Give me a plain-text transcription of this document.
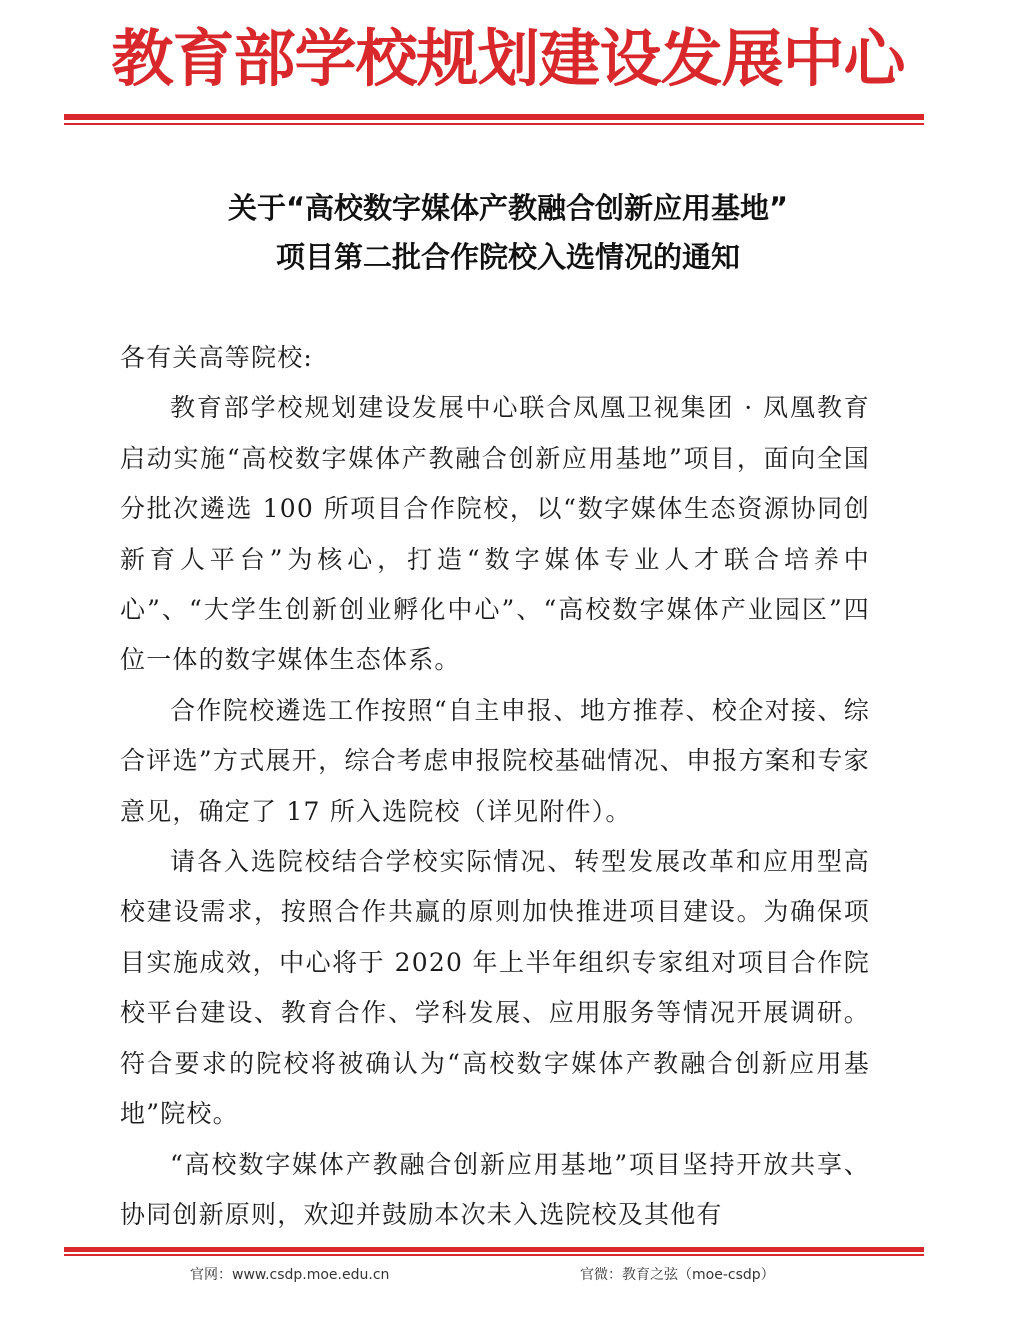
教育部学校规划建设发展中心
关于“高校数字媒体产教融合创新应用基地”
项目第二批合作院校入选情况的通知

各有关高等院校:

教育部学校规划建设发展中心联合凤凰卫视集团 · 凤凰教育启动实施“高校数字媒体产教融合创新应用基地”项目，面向全国分批次遴选 100 所项目合作院校，以“数字媒体生态资源协同创新育人平台”为核心，打造“数字媒体专业人才联合培养中心”、“大学生创新创业孵化中心”、“高校数字媒体产业园区”四位一体的数字媒体生态体系。

合作院校遴选工作按照“自主申报、地方推荐、校企对接、综合评选”方式展开，综合考虑申报院校基础情况、申报方案和专家意见，确定了 17 所入选院校（详见附件）。

请各入选院校结合学校实际情况、转型发展改革和应用型高校建设需求，按照合作共赢的原则加快推进项目建设。为确保项目实施成效，中心将于 2020 年上半年组织专家组对项目合作院校平台建设、教育合作、学科发展、应用服务等情况开展调研。符合要求的院校将被确认为“高校数字媒体产教融合创新应用基地”院校。

“高校数字媒体产教融合创新应用基地”项目坚持开放共享、协同创新原则，欢迎并鼓励本次未入选院校及其他有

官网：www.csdp.moe.edu.cn	官微：教育之弦（moe-csdp）
